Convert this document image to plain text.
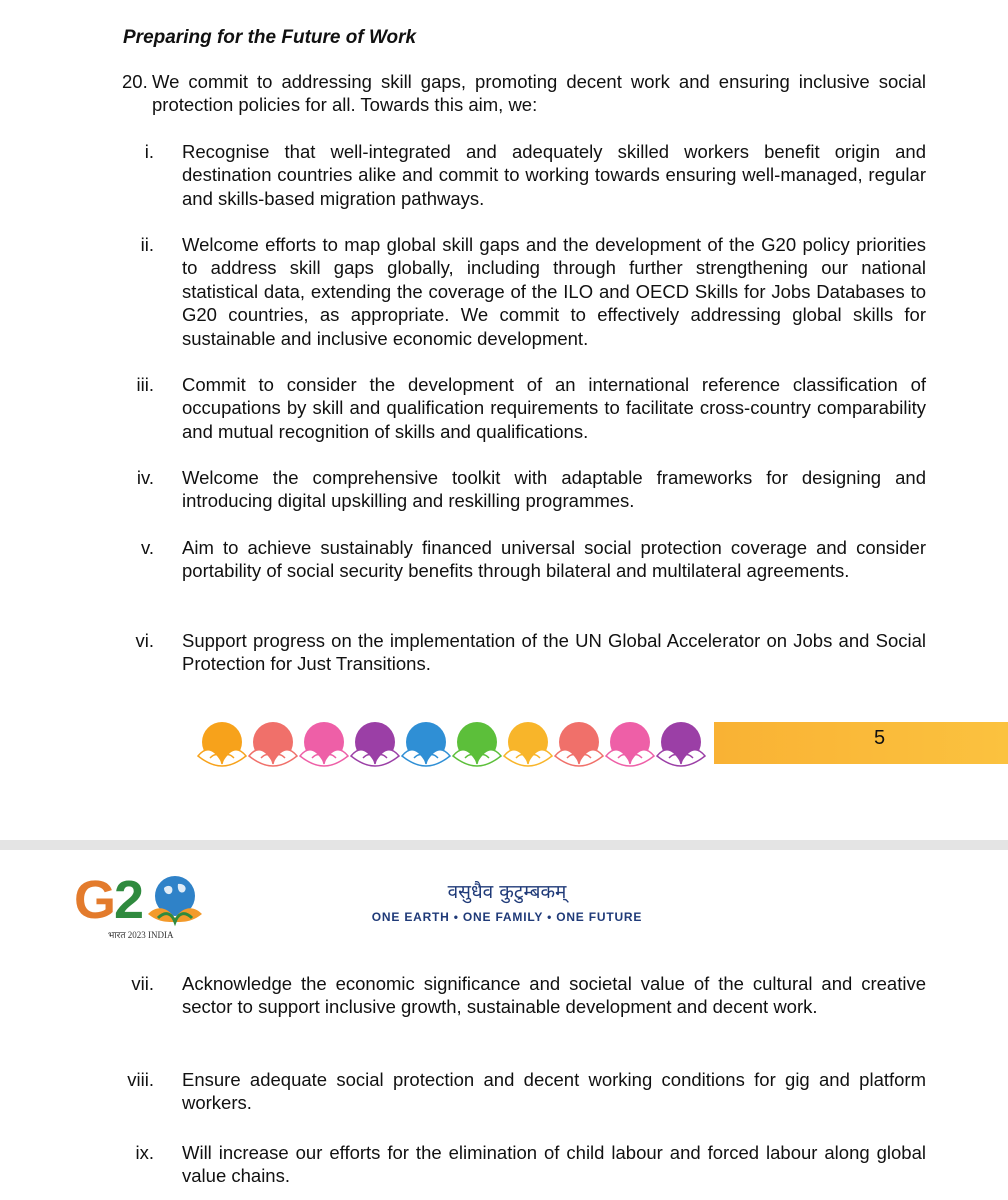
Preparing for the Future of Work
20. We commit to addressing skill gaps, promoting decent work and ensuring inclusive social protection policies for all. Towards this aim, we:
i. Recognise that well-integrated and adequately skilled workers benefit origin and destination countries alike and commit to working towards ensuring well-managed, regular and skills-based migration pathways.
ii. Welcome efforts to map global skill gaps and the development of the G20 policy priorities to address skill gaps globally, including through further strengthening our national statistical data, extending the coverage of the ILO and OECD Skills for Jobs Databases to G20 countries, as appropriate. We commit to effectively addressing global skills for sustainable and inclusive economic development.
iii. Commit to consider the development of an international reference classification of occupations by skill and qualification requirements to facilitate cross-country comparability and mutual recognition of skills and qualifications.
iv. Welcome the comprehensive toolkit with adaptable frameworks for designing and introducing digital upskilling and reskilling programmes.
v. Aim to achieve sustainably financed universal social protection coverage and consider portability of social security benefits through bilateral and multilateral agreements.
vi. Support progress on the implementation of the UN Global Accelerator on Jobs and Social Protection for Just Transitions.
5
G2
भारत 2023 INDIA
वसुधैव कुटुम्बकम्
ONE EARTH • ONE FAMILY • ONE FUTURE
vii. Acknowledge the economic significance and societal value of the cultural and creative sector to support inclusive growth, sustainable development and decent work.
viii. Ensure adequate social protection and decent working conditions for gig and platform workers.
ix. Will increase our efforts for the elimination of child labour and forced labour along global value chains.
